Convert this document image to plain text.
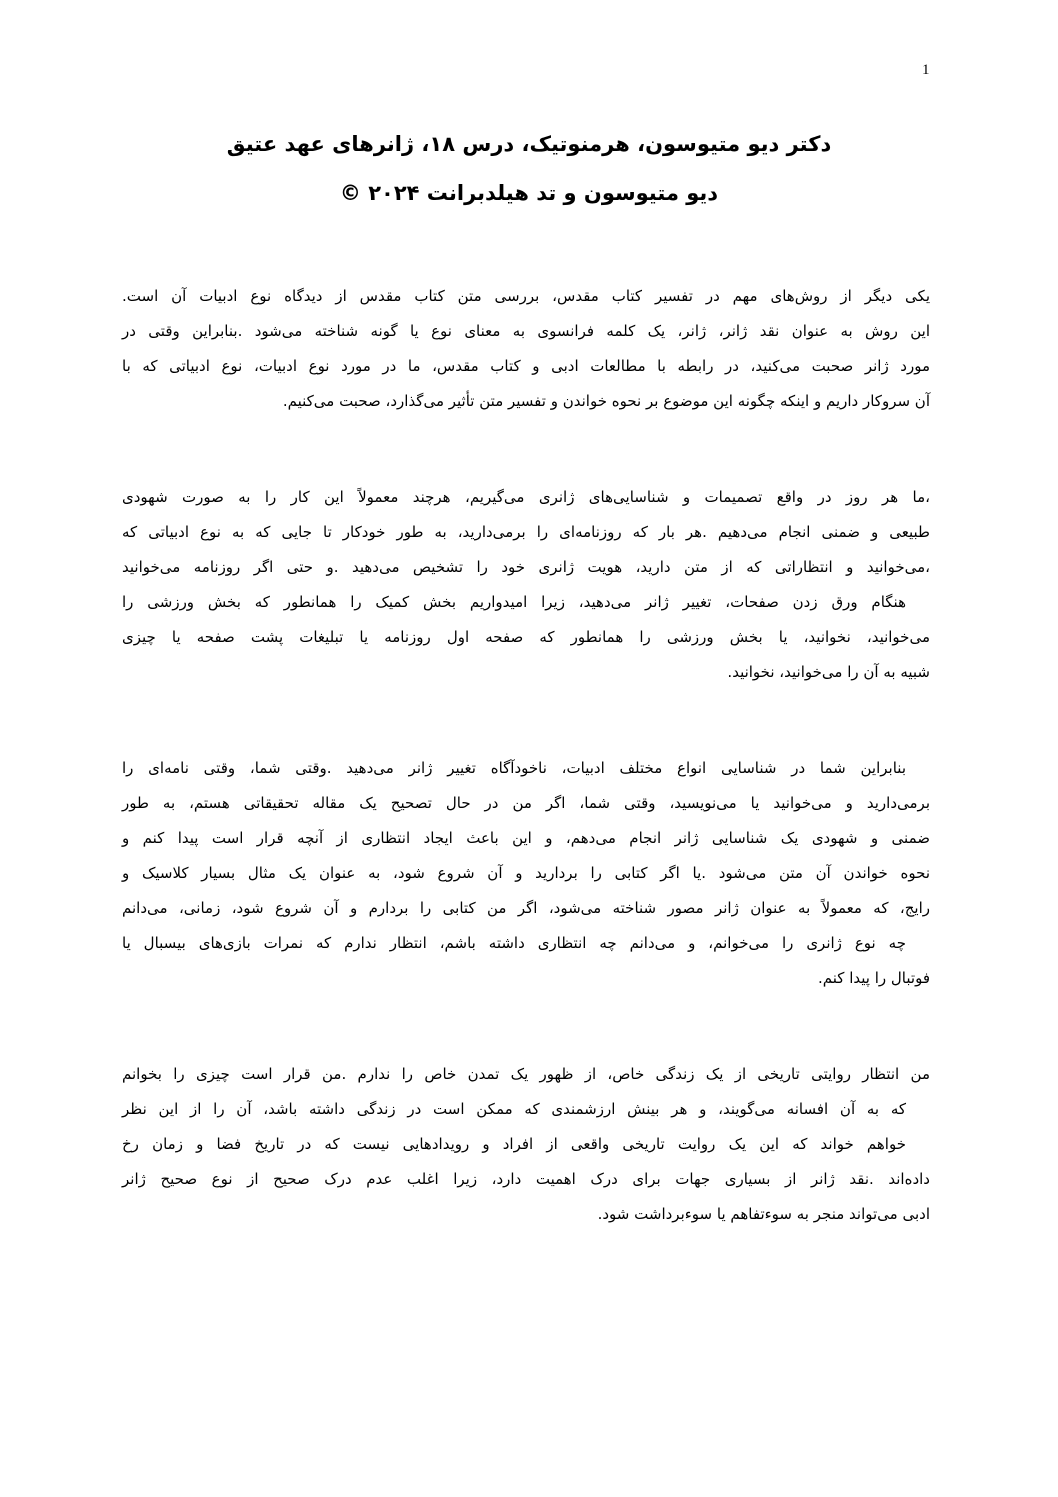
1
دکتر دیو متیوسون، هرمنوتیک، درس ۱۸، ژانرهای عهد عتیق
دیو متیوسون و تد هیلدبرانت ۲۰۲۴ ©
یکی دیگر از روش‌های مهم در تفسیر کتاب مقدس، بررسی متن کتاب مقدس از دیدگاه نوع ادبیات آن است.
این روش به عنوان نقد ژانر، ژانر، یک کلمه فرانسوی به معنای نوع یا گونه شناخته می‌شود .بنابراین وقتی در
مورد ژانر صحبت می‌کنید، در رابطه با مطالعات ادبی و کتاب مقدس، ما در مورد نوع ادبیات، نوع ادبیاتی که با
آن سروکار داریم و اینکه چگونه این موضوع بر نحوه خواندن و تفسیر متن تأثیر می‌گذارد، صحبت می‌کنیم.
،ما هر روز در واقع تصمیمات و شناسایی‌های ژانری می‌گیریم، هرچند معمولاً این کار را به صورت شهودی
طبیعی و ضمنی انجام می‌دهیم .هر بار که روزنامه‌ای را برمی‌دارید، به طور خودکار تا جایی که به نوع ادبیاتی که
،می‌خوانید و انتظاراتی که از متن دارید، هویت ژانری خود را تشخیص می‌دهید .و حتی اگر روزنامه می‌خوانید
هنگام ورق زدن صفحات، تغییر ژانر می‌دهید، زیرا امیدواریم بخش کمیک را همانطور که بخش ورزشی را
می‌خوانید، نخوانید، یا بخش ورزشی را همانطور که صفحه اول روزنامه یا تبلیغات پشت صفحه یا چیزی
شبیه به آن را می‌خوانید، نخوانید.
بنابراین شما در شناسایی انواع مختلف ادبیات، ناخودآگاه تغییر ژانر می‌دهید .وقتی شما، وقتی نامه‌ای را
برمی‌دارید و می‌خوانید یا می‌نویسید، وقتی شما، اگر من در حال تصحیح یک مقاله تحقیقاتی هستم، به طور
ضمنی و شهودی یک شناسایی ژانر انجام می‌دهم، و این باعث ایجاد انتظاری از آنچه قرار است پیدا کنم و
نحوه خواندن آن متن می‌شود .یا اگر کتابی را بردارید و آن شروع شود، به عنوان یک مثال بسیار کلاسیک و
رایج، که معمولاً به عنوان ژانر مصور شناخته می‌شود، اگر من کتابی را بردارم و آن شروع شود، زمانی، می‌دانم
چه نوع ژانری را می‌خوانم، و می‌دانم چه انتظاری داشته باشم، انتظار ندارم که نمرات بازی‌های بیسبال یا
فوتبال را پیدا کنم.
من انتظار روایتی تاریخی از یک زندگی خاص، از ظهور یک تمدن خاص را ندارم .من قرار است چیزی را بخوانم
که به آن افسانه می‌گویند، و هر بینش ارزشمندی که ممکن است در زندگی داشته باشد، آن را از این نظر
خواهم خواند که این یک روایت تاریخی واقعی از افراد و رویدادهایی نیست که در تاریخ فضا و زمان رخ
داده‌اند .نقد ژانر از بسیاری جهات برای درک اهمیت دارد، زیرا اغلب عدم درک صحیح از نوع صحیح ژانر
ادبی می‌تواند منجر به سوءتفاهم یا سوءبرداشت شود.
